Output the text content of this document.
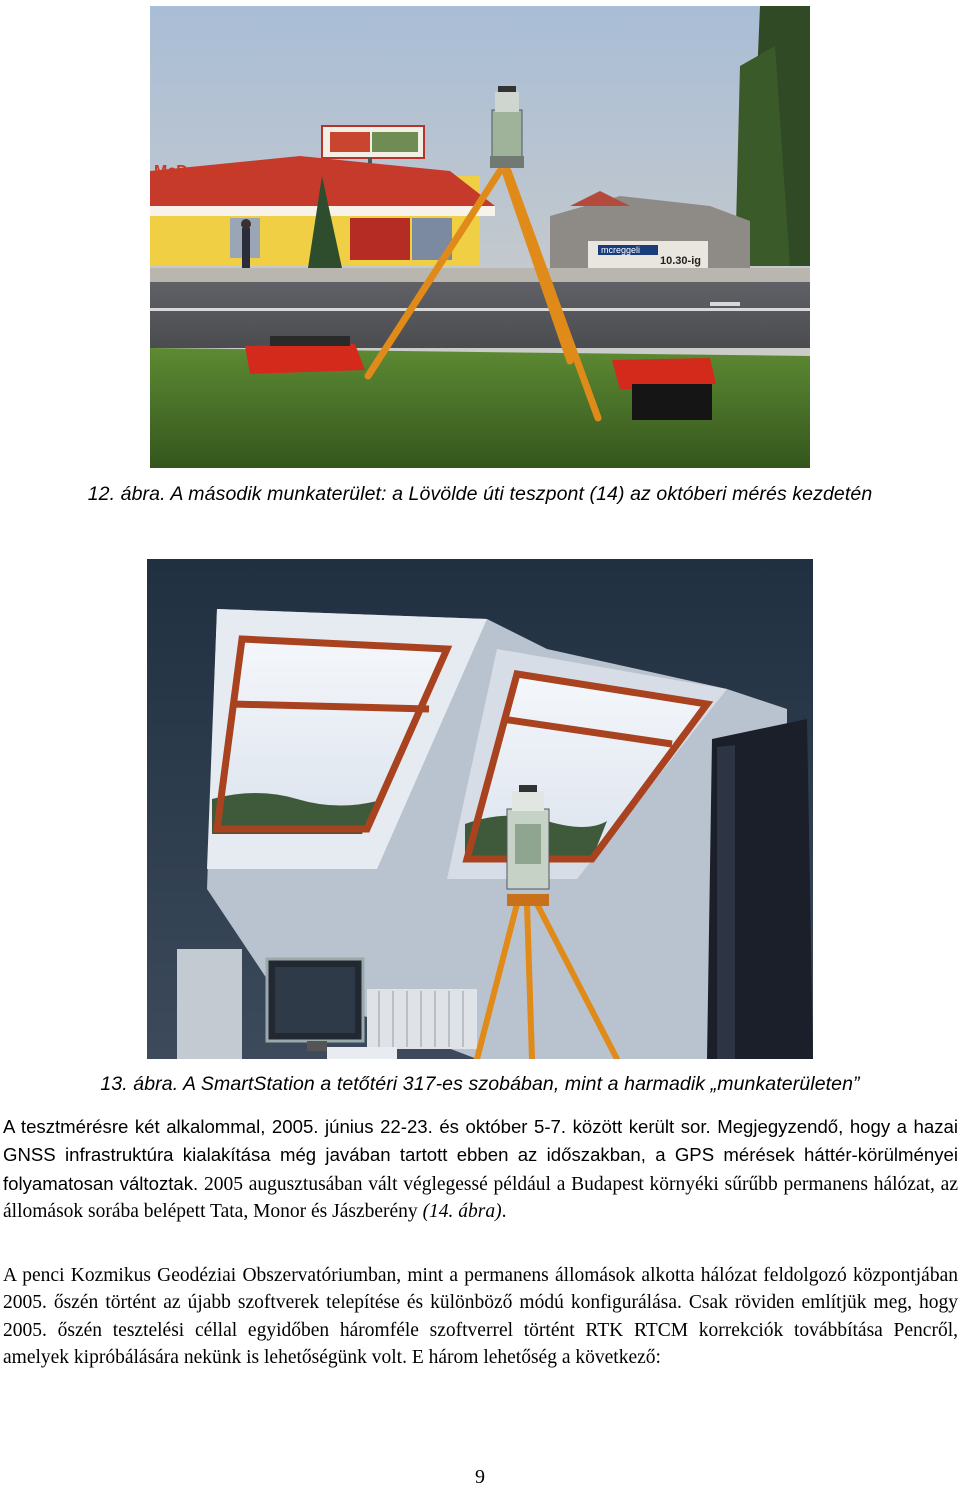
McDonald's
mcreggeli
10.30-ig
12. ábra. A második munkaterület: a Lövölde úti teszpont (14) az októberi mérés kezdetén
13. ábra. A SmartStation a tetőtéri 317-es szobában, mint a harmadik „munkaterületen”
A tesztmérésre két alkalommal, 2005. június 22-23. és október 5-7. között került sor. Megjegyzendő, hogy a hazai GNSS infrastruktúra kialakítása még javában tartott ebben az időszakban, a GPS mérések háttér-körülményei folyamatosan változtak. 2005 augusztusában vált véglegessé például a Budapest környéki sűrűbb permanens hálózat, az állomások sorába belépett Tata, Monor és Jászberény (14. ábra).
A penci Kozmikus Geodéziai Obszervatóriumban, mint a permanens állomások alkotta hálózat feldolgozó központjában 2005. őszén történt az újabb szoftverek telepítése és különböző módú konfigurálása. Csak röviden említjük meg, hogy 2005. őszén tesztelési céllal egyidőben háromféle szoftverrel történt RTK RTCM korrekciók továbbítása Pencről, amelyek kipróbálására nekünk is lehetőségünk volt. E három lehetőség a következő:
9
